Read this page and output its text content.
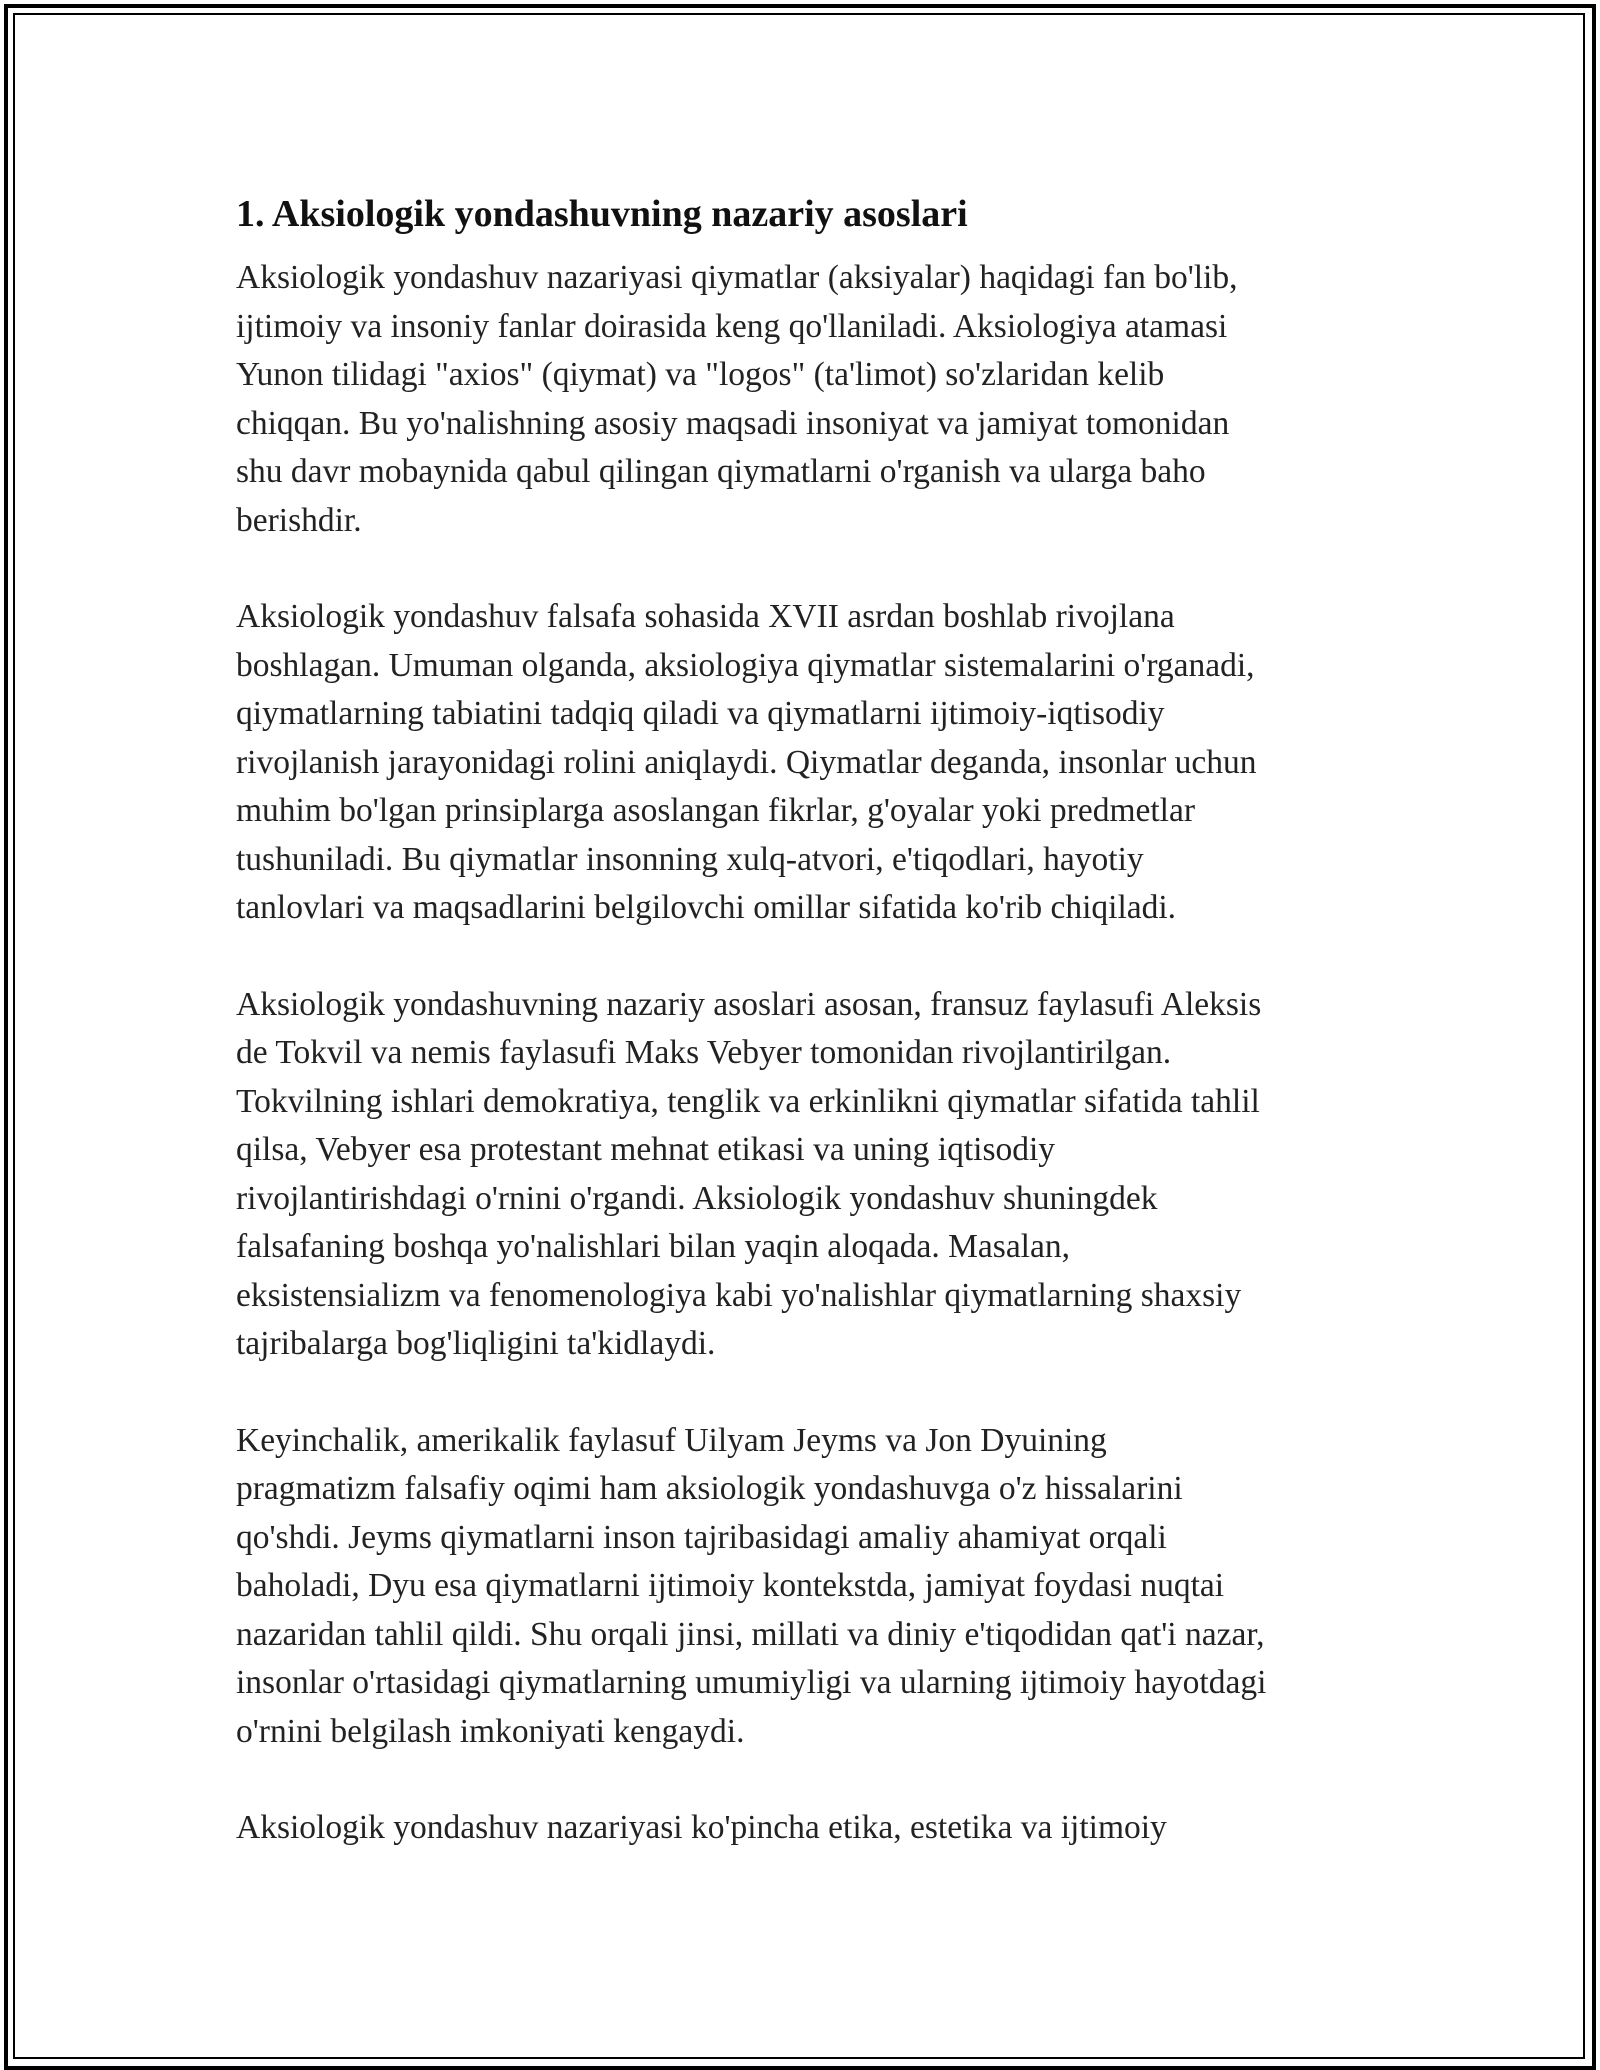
1. Aksiologik yondashuvning nazariy asoslari
Aksiologik yondashuv nazariyasi qiymatlar (aksiyalar) haqidagi fan bo'lib,
ijtimoiy va insoniy fanlar doirasida keng qo'llaniladi. Aksiologiya atamasi
Yunon tilidagi "axios" (qiymat) va "logos" (ta'limot) so'zlaridan kelib
chiqqan. Bu yo'nalishning asosiy maqsadi insoniyat va jamiyat tomonidan
shu davr mobaynida qabul qilingan qiymatlarni o'rganish va ularga baho
berishdir.
Aksiologik yondashuv falsafa sohasida XVII asrdan boshlab rivojlana
boshlagan. Umuman olganda, aksiologiya qiymatlar sistemalarini o'rganadi,
qiymatlarning tabiatini tadqiq qiladi va qiymatlarni ijtimoiy-iqtisodiy
rivojlanish jarayonidagi rolini aniqlaydi. Qiymatlar deganda, insonlar uchun
muhim bo'lgan prinsiplarga asoslangan fikrlar, g'oyalar yoki predmetlar
tushuniladi. Bu qiymatlar insonning xulq-atvori, e'tiqodlari, hayotiy
tanlovlari va maqsadlarini belgilovchi omillar sifatida ko'rib chiqiladi.
Aksiologik yondashuvning nazariy asoslari asosan, fransuz faylasufi Aleksis
de Tokvil va nemis faylasufi Maks Vebyer tomonidan rivojlantirilgan.
Tokvilning ishlari demokratiya, tenglik va erkinlikni qiymatlar sifatida tahlil
qilsa, Vebyer esa protestant mehnat etikasi va uning iqtisodiy
rivojlantirishdagi o'rnini o'rgandi. Aksiologik yondashuv shuningdek
falsafaning boshqa yo'nalishlari bilan yaqin aloqada. Masalan,
eksistensializm va fenomenologiya kabi yo'nalishlar qiymatlarning shaxsiy
tajribalarga bog'liqligini ta'kidlaydi.
Keyinchalik, amerikalik faylasuf Uilyam Jeyms va Jon Dyuining
pragmatizm falsafiy oqimi ham aksiologik yondashuvga o'z hissalarini
qo'shdi. Jeyms qiymatlarni inson tajribasidagi amaliy ahamiyat orqali
baholadi, Dyu esa qiymatlarni ijtimoiy kontekstda, jamiyat foydasi nuqtai
nazaridan tahlil qildi. Shu orqali jinsi, millati va diniy e'tiqodidan qat'i nazar,
insonlar o'rtasidagi qiymatlarning umumiyligi va ularning ijtimoiy hayotdagi
o'rnini belgilash imkoniyati kengaydi.
Aksiologik yondashuv nazariyasi ko'pincha etika, estetika va ijtimoiy
